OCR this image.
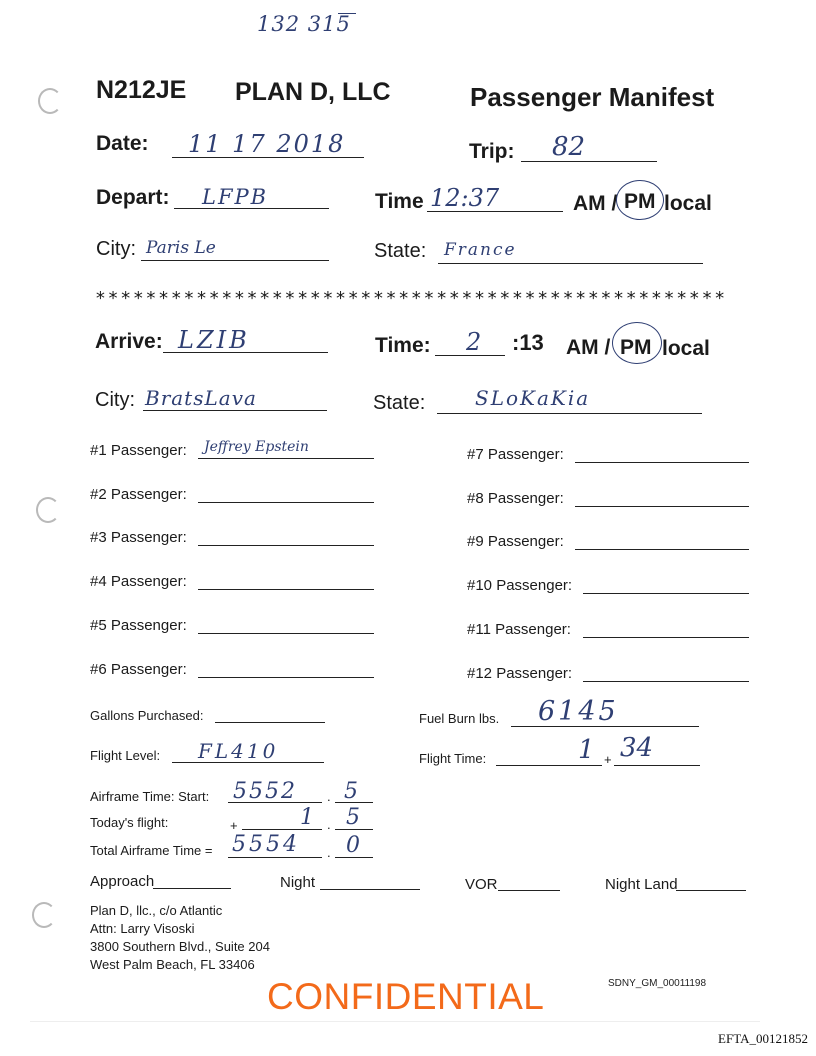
132 315
N212JE PLAN D, LLC	Passenger Manifest
Date: 11 17 2018	Trip: 82
Depart: LFPB	Time 12:37	AM / PM local
City: Paris Le	State: France
**************************************************
Arrive: LZIB	Time: 2 :13 AM / PM local
City: BratsLava	State: SLoKaKia
#1 Passenger: Jeffrey Epstein
#2 Passenger:
#3 Passenger:
#4 Passenger:
#5 Passenger:
#6 Passenger:
#7 Passenger:
#8 Passenger:
#9 Passenger:
#10 Passenger:
#11 Passenger:
#12 Passenger:
Gallons Purchased:	Fuel Burn lbs. 6145
Flight Level: FL410	Flight Time:	1 + 34
Airframe Time: Start: 5552 . 5
Today's flight:	+	1 . 5
Total Airframe Time = 5554 . 0
Approach	Night	VOR	Night Land
Plan D, llc., c/o Atlantic
Attn: Larry Visoski
3800 Southern Blvd., Suite 204
West Palm Beach, FL 33406
SDNY_GM_00011198
CONFIDENTIAL
EFTA_00121852
